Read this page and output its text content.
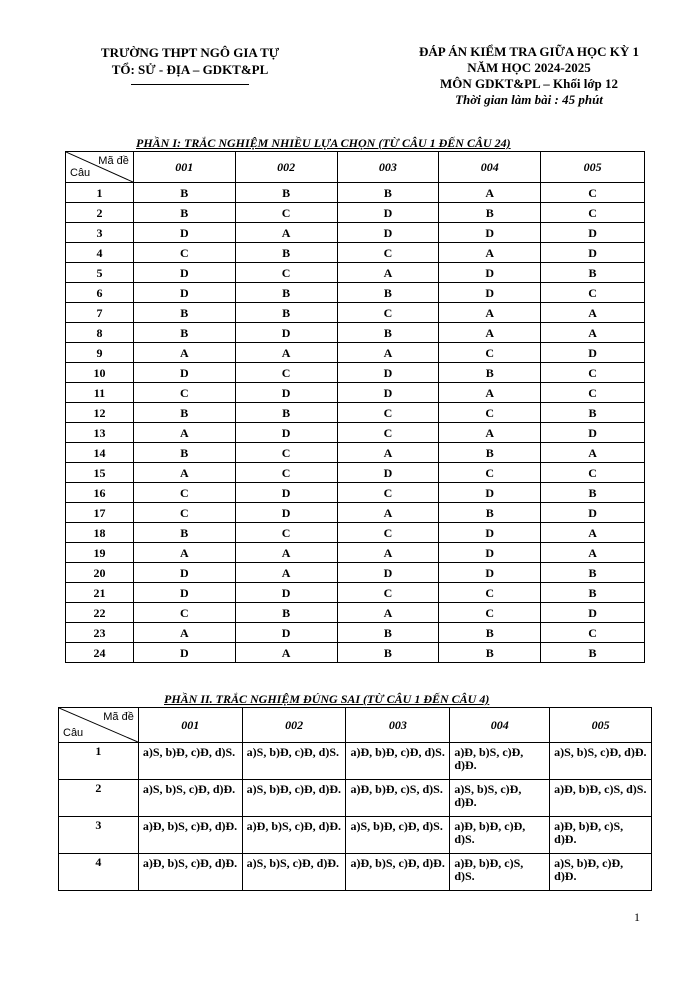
TRƯỜNG THPT NGÔ GIA TỰ
TỔ: SỬ - ĐỊA – GDKT&PL
ĐÁP ÁN KIỂM TRA GIỮA HỌC KỲ 1
NĂM HỌC 2024-2025
MÔN GDKT&PL – Khối lớp 12
Thời gian làm bài : 45 phút
PHẦN I: TRẮC NGHIỆM NHIỀU LỰA CHỌN (TỪ CÂU 1 ĐẾN CÂU 24)
Mã đề
Câu	001	002	003	004	005
1	B	B	B	A	C
2	B	C	D	B	C
3	D	A	D	D	D
4	C	B	C	A	D
5	D	C	A	D	B
6	D	B	B	D	C
7	B	B	C	A	A
8	B	D	B	A	A
9	A	A	A	C	D
10	D	C	D	B	C
11	C	D	D	A	C
12	B	B	C	C	B
13	A	D	C	A	D
14	B	C	A	B	A
15	A	C	D	C	C
16	C	D	C	D	B
17	C	D	A	B	D
18	B	C	C	D	A
19	A	A	A	D	A
20	D	A	D	D	B
21	D	D	C	C	B
22	C	B	A	C	D
23	A	D	B	B	C
24	D	A	B	B	B
PHẦN II. TRẮC NGHIỆM ĐÚNG SAI (TỪ CÂU 1 ĐẾN CÂU 4)
Mã đề
Câu	001	002	003	004	005
1	a)S, b)Đ, c)Đ, d)S.	a)S, b)Đ, c)Đ, d)S.	a)Đ, b)Đ, c)Đ, d)S.	a)Đ, b)S, c)Đ, d)Đ.	a)S, b)S, c)Đ, d)Đ.
2	a)S, b)S, c)Đ, d)Đ.	a)S, b)Đ, c)Đ, d)Đ.	a)Đ, b)Đ, c)S, d)S.	a)S, b)S, c)Đ, d)Đ.	a)Đ, b)Đ, c)S, d)S.
3	a)Đ, b)S, c)Đ, d)Đ.	a)Đ, b)S, c)Đ, d)Đ.	a)S, b)Đ, c)Đ, d)S.	a)Đ, b)Đ, c)Đ, d)S.	a)Đ, b)Đ, c)S, d)Đ.
4	a)Đ, b)S, c)Đ, d)Đ.	a)S, b)S, c)Đ, d)Đ.	a)Đ, b)S, c)Đ, d)Đ.	a)Đ, b)Đ, c)S, d)S.	a)S, b)Đ, c)Đ, d)Đ.
1
